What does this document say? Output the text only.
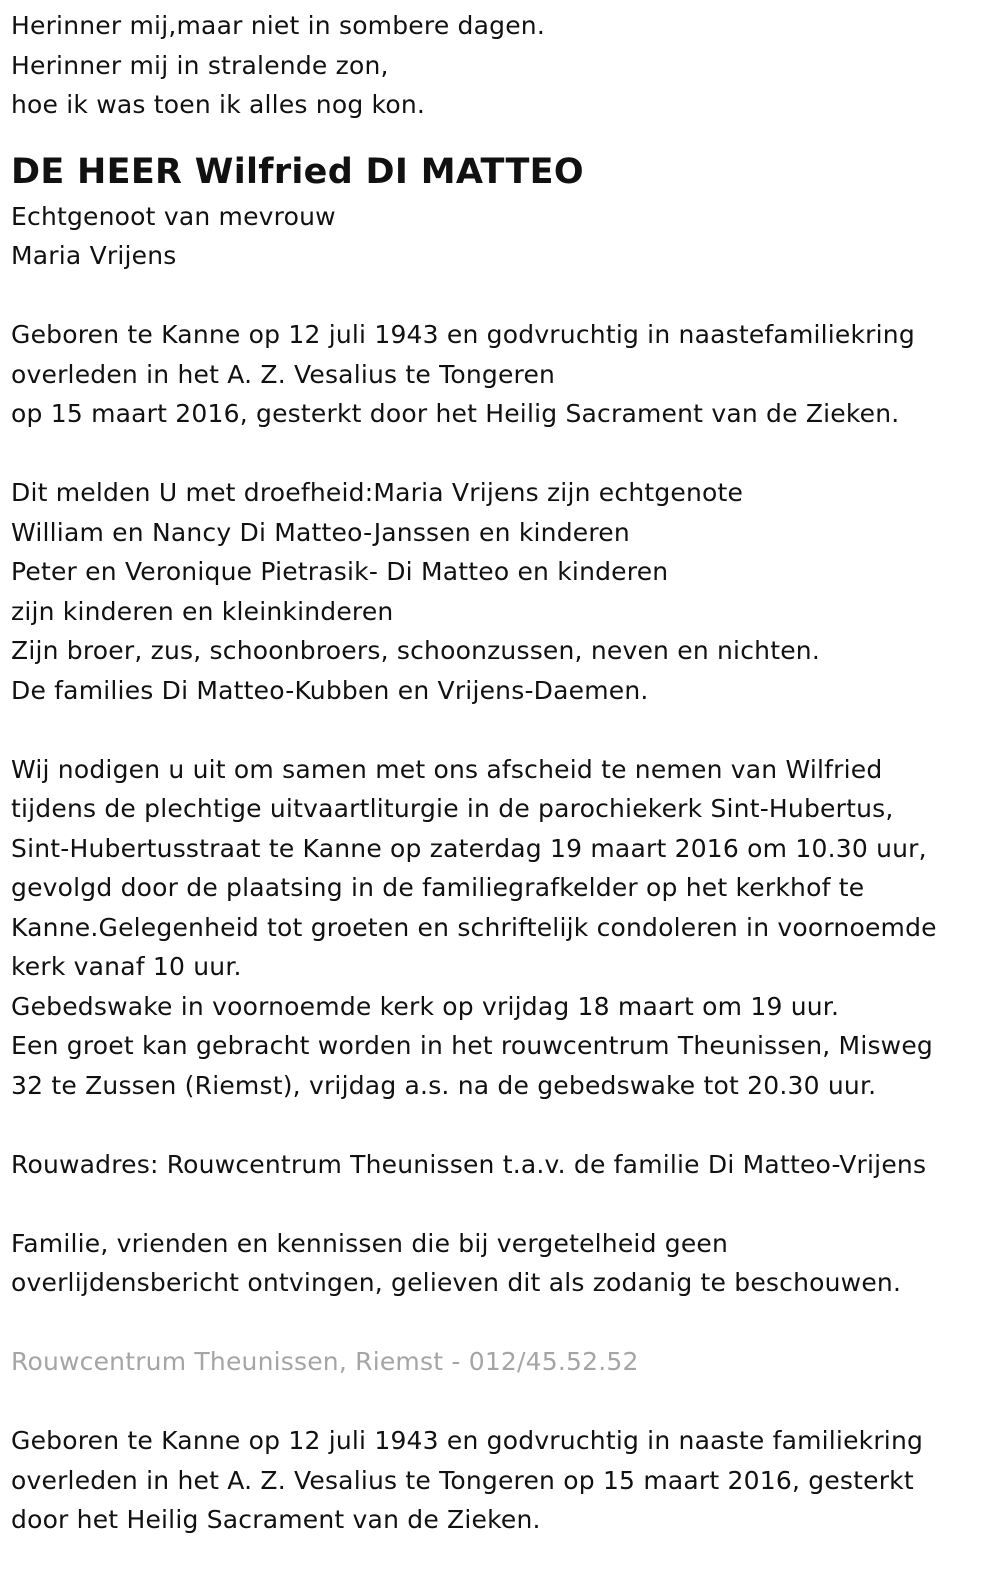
Herinner mij,maar niet in sombere dagen.
Herinner mij in stralende zon,
hoe ik was toen ik alles nog kon.
DE HEER Wilfried DI MATTEO
Echtgenoot van mevrouw
Maria Vrijens
Geboren te Kanne op 12 juli 1943 en godvruchtig in naastefamiliekring
overleden in het A. Z. Vesalius te Tongeren
op 15 maart 2016, gesterkt door het Heilig Sacrament van de Zieken.
Dit melden U met droefheid:Maria Vrijens zijn echtgenote
William en Nancy Di Matteo-Janssen en kinderen
Peter en Veronique Pietrasik- Di Matteo en kinderen
zijn kinderen en kleinkinderen
Zijn broer, zus, schoonbroers, schoonzussen, neven en nichten.
De families Di Matteo-Kubben en Vrijens-Daemen.
Wij nodigen u uit om samen met ons afscheid te nemen van Wilfried
tijdens de plechtige uitvaartliturgie in de parochiekerk Sint-Hubertus,
Sint-Hubertusstraat te Kanne op zaterdag 19 maart 2016 om 10.30 uur,
gevolgd door de plaatsing in de familiegrafkelder op het kerkhof te
Kanne.Gelegenheid tot groeten en schriftelijk condoleren in voornoemde
kerk vanaf 10 uur.
Gebedswake in voornoemde kerk op vrijdag 18 maart om 19 uur.
Een groet kan gebracht worden in het rouwcentrum Theunissen, Misweg
32 te Zussen (Riemst), vrijdag a.s. na de gebedswake tot 20.30 uur.
Rouwadres: Rouwcentrum Theunissen t.a.v. de familie Di Matteo-Vrijens
Familie, vrienden en kennissen die bij vergetelheid geen
overlijdensbericht ontvingen, gelieven dit als zodanig te beschouwen.
Rouwcentrum Theunissen, Riemst - 012/45.52.52
Geboren te Kanne op 12 juli 1943 en godvruchtig in naaste familiekring
overleden in het A. Z. Vesalius te Tongeren op 15 maart 2016, gesterkt
door het Heilig Sacrament van de Zieken.
